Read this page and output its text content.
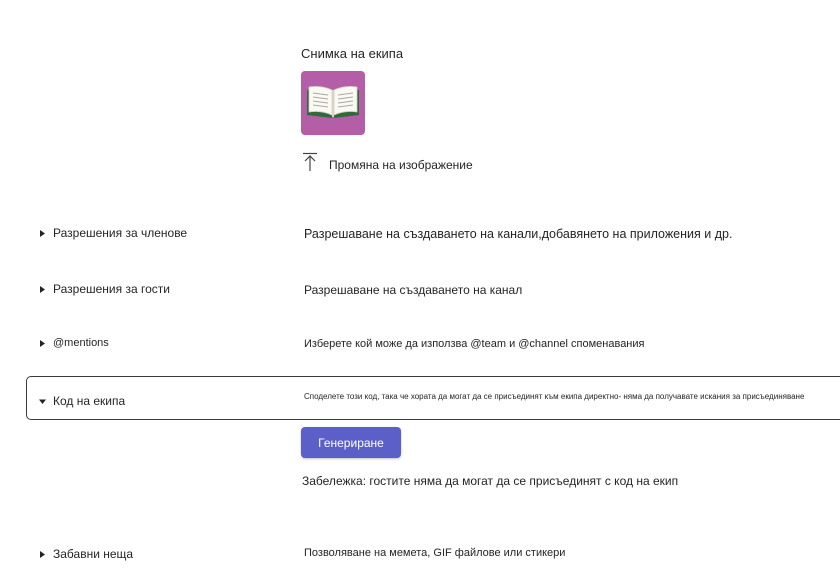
Снимка на екипа
Промяна на изображение
Разрешения за членове	Разрешаване на създаването на канали,добавянето на приложения и др.
Разрешения за гости	Разрешаване на създаването на канал
@mentions	Изберете кой може да използва @team и @channel споменавания
Код на екипа	Споделете този код, така че хората да могат да се присъединят към екипа директно- няма да получавате искания за присъединяване
Генериране
Забележка: гостите няма да могат да се присъединят с код на екип
Забавни неща	Позволяване на мемета, GIF файлове или стикери
